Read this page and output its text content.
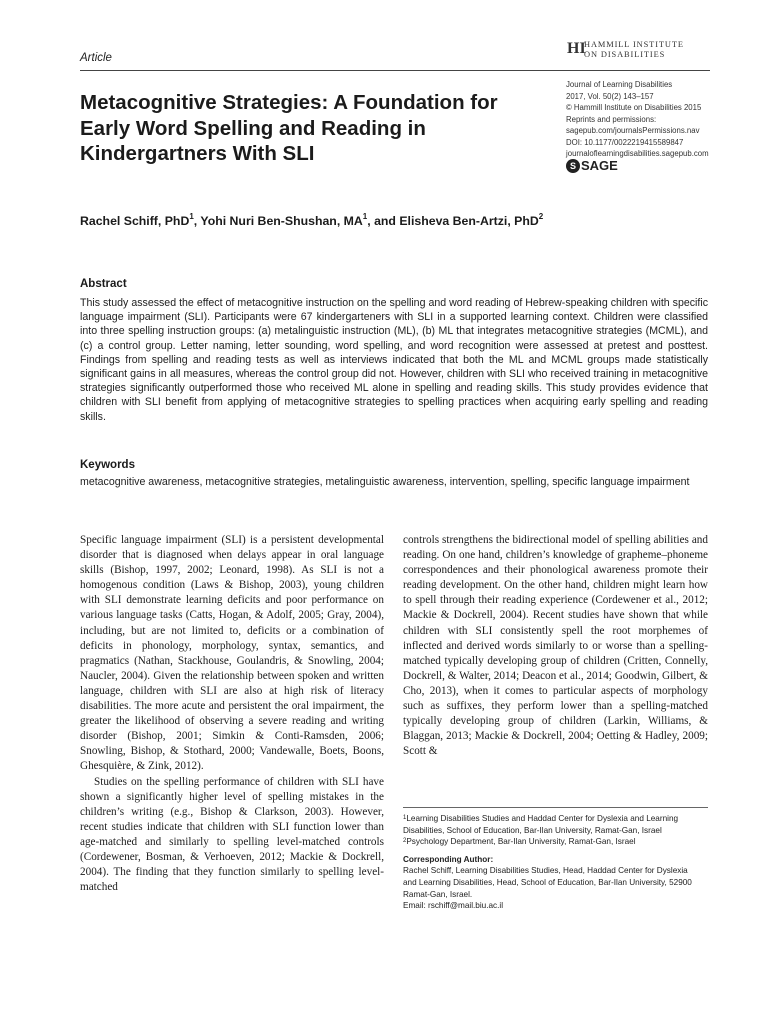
Article
HI
HAMMILL INSTITUTE
ON DISABILITIES
Metacognitive Strategies: A Foundation for Early Word Spelling and Reading in Kindergartners With SLI
Journal of Learning Disabilities
2017, Vol. 50(2) 143–157
© Hammill Institute on Disabilities 2015
Reprints and permissions:
sagepub.com/journalsPermissions.nav
DOI: 10.1177/0022219415589847
journaloflearningdisabilities.sagepub.com
S SAGE
Rachel Schiff, PhD$^1$, Yohi Nuri Ben-Shushan, $MA^1$, and Elisheva Ben-Artzi, PhD$^2$
Abstract
This study assessed the effect of metacognitive instruction on the spelling and word reading of Hebrew-speaking children with specific language impairment (SLI). Participants were 67 kindergarteners with SLI in a supported learning context. Children were classified into three spelling instruction groups: (a) metalinguistic instruction (ML), (b) ML that integrates metacognitive strategies (MCML), and (c) a control group. Letter naming, letter sounding, word spelling, and word recognition were assessed at pretest and posttest. Findings from spelling and reading tests as well as interviews indicated that both the ML and MCML groups made statistically significant gains in all measures, whereas the control group did not. However, children with SLI who received training in metacognitive strategies significantly outperformed those who received ML alone in spelling and reading skills. This study provides evidence that children with SLI benefit from applying of metacognitive strategies to spelling practices when acquiring early spelling and reading skills.
Keywords
metacognitive awareness, metacognitive strategies, metalinguistic awareness, intervention, spelling, specific language impairment

Specific language impairment (SLI) is a persistent developmental disorder that is diagnosed when delays appear in oral language skills (Bishop, 1997, 2002; Leonard, 1998). As SLI is not a homogenous condition (Laws & Bishop, 2003), young children with SLI demonstrate learning deficits and poor performance on various language tasks (Catts, Hogan, & Adolf, 2005; Gray, 2004), including, but are not limited to, deficits or a combination of deficits in phonology, morphology, syntax, semantics, and pragmatics (Nathan, Stackhouse, Goulandris, & Snowling, 2004; Naucler, 2004). Given the relationship between spoken and written language, children with SLI are also at high risk of literacy disabilities. The more acute and persistent the oral impairment, the greater the likelihood of observing a severe reading and writing disorder (Bishop, 2001; Simkin & Conti-Ramsden, 2006; Snowling, Bishop, & Stothard, 2000; Vandewalle, Boets, Boons, Ghesquière, & Zink, 2012).

Studies on the spelling performance of children with SLI have shown a significantly higher level of spelling mistakes in the children’s writing (e.g., Bishop & Clarkson, 2003). However, recent studies indicate that children with SLI function lower than age-matched and similarly to spelling level-matched controls (Cordewener, Bosman, & Verhoeven, 2012; Mackie & Dockrell, 2004). The finding that they function similarly to spelling level-matched

controls strengthens the bidirectional model of spelling abilities and reading. On one hand, children’s knowledge of grapheme–phoneme correspondences and their phonological awareness promote their reading development. On the other hand, children might learn how to spell through their reading experience (Cordewener et al., 2012; Mackie & Dockrell, 2004). Recent studies have shown that while children with SLI consistently spell the root morphemes of inflected and derived words similarly to or worse than a spelling-matched typically developing group of children (Critten, Connelly, Dockrell, & Walter, 2014; Deacon et al., 2014; Goodwin, Gilbert, & Cho, 2013), when it comes to particular aspects of morphology such as suffixes, they perform lower than a spelling-matched typically developing group of children (Larkin, Williams, & Blaggan, 2013; Mackie & Dockrell, 2004; Oetting & Hadley, 2009; Scott &

$^1$Learning Disabilities Studies and Haddad Center for Dyslexia and Learning Disabilities, School of Education, Bar-Ilan University, Ramat-Gan, Israel

$^2$Psychology Department, Bar-Ilan University, Ramat-Gan, Israel

Corresponding Author:

Rachel Schiff, Learning Disabilities Studies, Head, Haddad Center for Dyslexia and Learning Disabilities, Head, School of Education, Bar-Ilan University, 52900 Ramat-Gan, Israel.

Email: rschiff@mail.biu.ac.il
